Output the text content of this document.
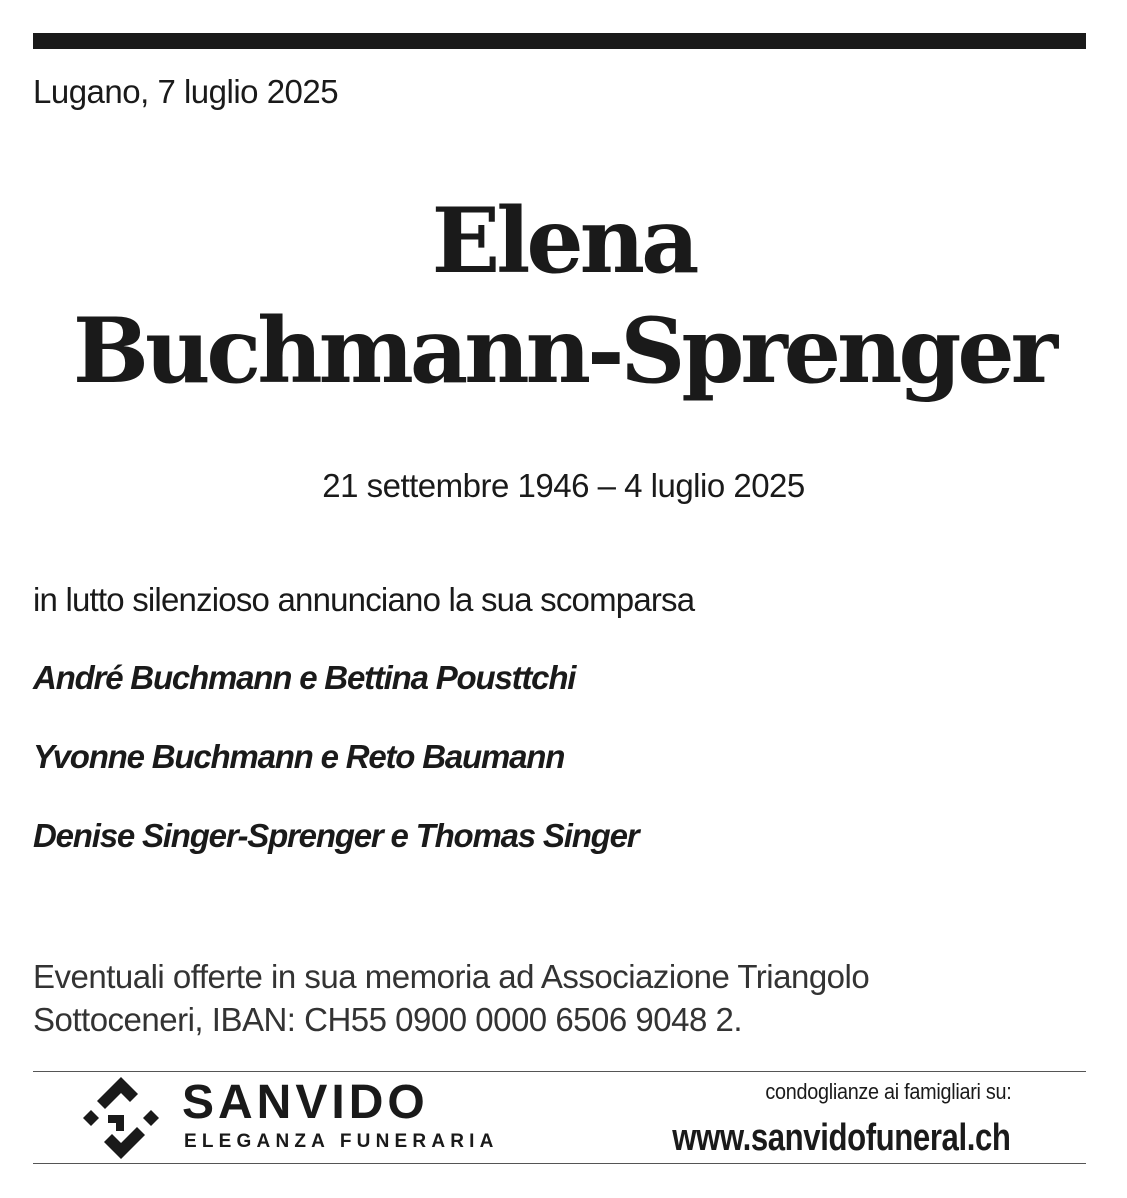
Lugano, 7 luglio 2025
Elena
Buchmann-Sprenger
21 settembre 1946 – 4 luglio 2025
in lutto silenzioso annunciano la sua scomparsa
André Buchmann e Bettina Pousttchi
Yvonne Buchmann e Reto Baumann
Denise Singer-Sprenger e Thomas Singer
Eventuali offerte in sua memoria ad Associazione Triangolo
Sottoceneri, IBAN: CH55 0900 0000 6506 9048 2.
SANVIDO
ELEGANZA FUNERARIA
condoglianze ai famigliari su:
www.sanvidofuneral.ch
